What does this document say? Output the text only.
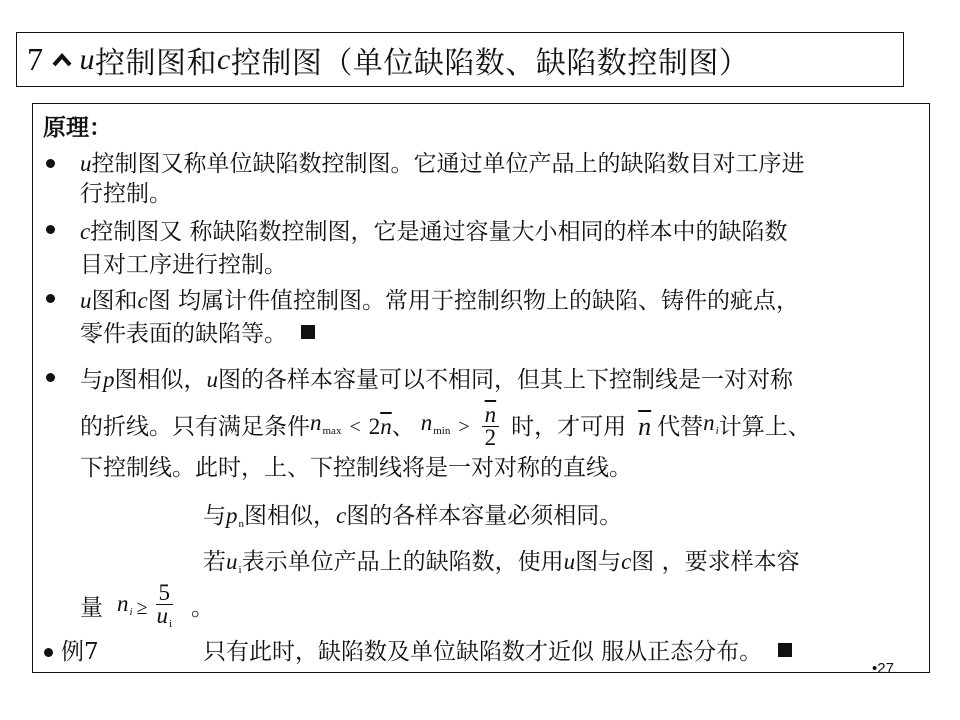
7 u 控制图和 c 控制图（单位缺陷数、缺陷数控制图）
原理：
u控制图又称单位缺陷数控制图。它通过单位产品上的缺陷数目对工序进
行控制。
c控制图又 称缺陷数控制图，它是通过容量大小相同的样本中的缺陷数
目对工序进行控制。
u图和c图 均属计件值控制图。常用于控制织物上的缺陷、铸件的疵点，
零件表面的缺陷等。
与p图相似，u图的各样本容量可以不相同，但其上下控制线是一对对称
的折线。只有满足条件 $n_{max} < 2\overline{n}$ 、 $n_{min} > \frac{\overline{n}}{2}$ 时，才可用 $\overline{n}$ 代替 $n_i$ 计算上、
下控制线。此时，上、下控制线将是一对对称的直线。
与$p_n$图相似，c图的各样本容量必须相同。
若$u_i$表示单位产品上的缺陷数，使用u图与c图 ，要求样本容
量 $n_i \ge \frac{5}{u_i}$ 。
例7	只有此时，缺陷数及单位缺陷数才近似 服从正态分布。
•27
